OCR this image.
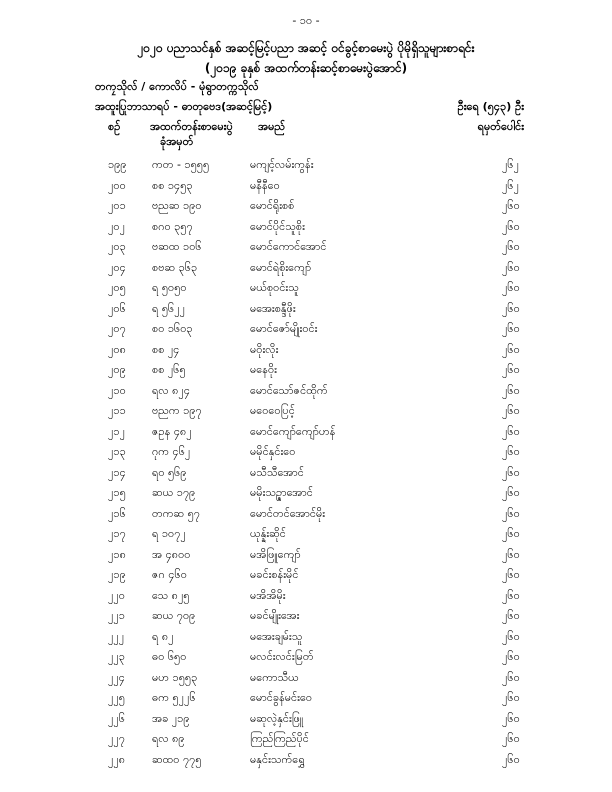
- ၁၀ -
၂၀၂၀ ပညာသင်နှစ် အဆင့်မြင့်ပညာ အဆင့် ဝင်ခွင့်စာမေးပွဲ ပိုမိုရှိသူများစာရင်း
(၂၀၁၉ ခုနှစ် အထက်တန်းဆင့်စာမေးပွဲအောင်)
တကၠသိုလ် / ကောလိပ် - မုံရွာတက္ကသိုလ်
အထူးပြုဘာသာရပ် - ဓာတုဗေဒ(အဆင့်မြင့်)	ဦးရေ (၅၄၃) ဦး
စဉ်	အထက်တန်းစာမေးပွဲ
ခုံအမှတ်
အမည်	ရမှတ်ပေါင်း
၁၉၉ ကတ - ၁၅၅၅	မကျင့်လမ်းကွန်း	၂၆၂
၂၀၀ စစ ၁၄၅၃	မနီနီဝေ	၂၆၂
၂၀၁ ဗညဆ ၁၉၀	မောင်ရိုးစစ်	၂၆၀
၂၀၂ စဂ၀ ၃၅၇	မောင်ပိုင်သူစိုး	၂၆၀
၂၀၃ ဗဆထ ၁၀၆	မောင်ကောင်အောင်	၂၆၀
၂၀၄ စဗဆ ၃၆၃	မောင်ရဲစိုးကျော်	၂၆၀
၂၀၅ ရ ၅၀၅၀	မယ်စုဝင်းသူ	၂၆၀
၂၀၆ ရ ၅၆၂၂	မအေးစန္ဒီဖိုး	၂၆၀
၂၀၇ စ၀ ၁၆၀၃	မောင်ဇော်မျိုးဝင်း	၂၆၀
၂၀၈ စစ ၂၄	မဝိုးလိုး	၂၆၀
၂၀၉ စစ ၂၆၅	မနေဝိုး	၂၆၀
၂၁၀ ရလ ၈၂၄	မောင်သော်ဇင်ထိုက်	၂၆၀
၂၁၁ ဗညက ၁၉၇	မဝေဝေပြင့်	၂၆၀
၂၁၂ ဇဥန ၄၈၂	မောင်ကျော်ကျော်ဟန်	၂၆၀
၂၁၃ ဂုက ၄၆၂	မမိုင်နှင်းဝေ	၂၆၀
၂၁၄ ရဝ ၅၆၉	မသီသီအောင်	၂၆၀
၂၁၅ ဆယ ၁၇၉	မမိုးသဥ္ဇာအောင်	၂၆၀
၂၁၆ တကဆ ၅၇	မောင်တင်အောင်မိုး	၂၆၀
၂၁၇ ရ ၁၀၇၂	ယုန္န်းဆိုင်	၂၆၀
၂၁၈ အ ၄၈၀၀	မအိဖြူကျော်	၂၆၀
၂၁၉ ဇဂ ၄၆၀	မခင်းစန်းမိုင်	၂၆၀
၂၂၀ သေ ၈၂၅	မအိအိမိုး	၂၆၀
၂၂၁ ဆယ ၇၀၉	မခင်မျိုးအေး	၂၆၀
၂၂၂	ရ ၈၂	မအေးချမ်းသူ	၂၆၀
၂၂၃ ဓ၀ ၆၅၀	မလင်းလင်းမြတ်	၂၆၀
၂၂၄ မဟ ၁၅၅၃	မကောသီယ	၂၆၀
၂၂၅ ဓက ၅၂၂၆	မောင်ခွန်မင်းဝေ	၂၆၀
၂၂၆ အခ ၂၁၉	မဆုလဲ့နှင်းဖြူ	၂၆၀
၂၂၇ ရလ ၈၉	ကြည်ကြည်ပိုင်	၂၆၀
၂၂၈ ဆထ၀ ၇၇၅	မနှင်းသက်ရွှေ	၂၆၀
